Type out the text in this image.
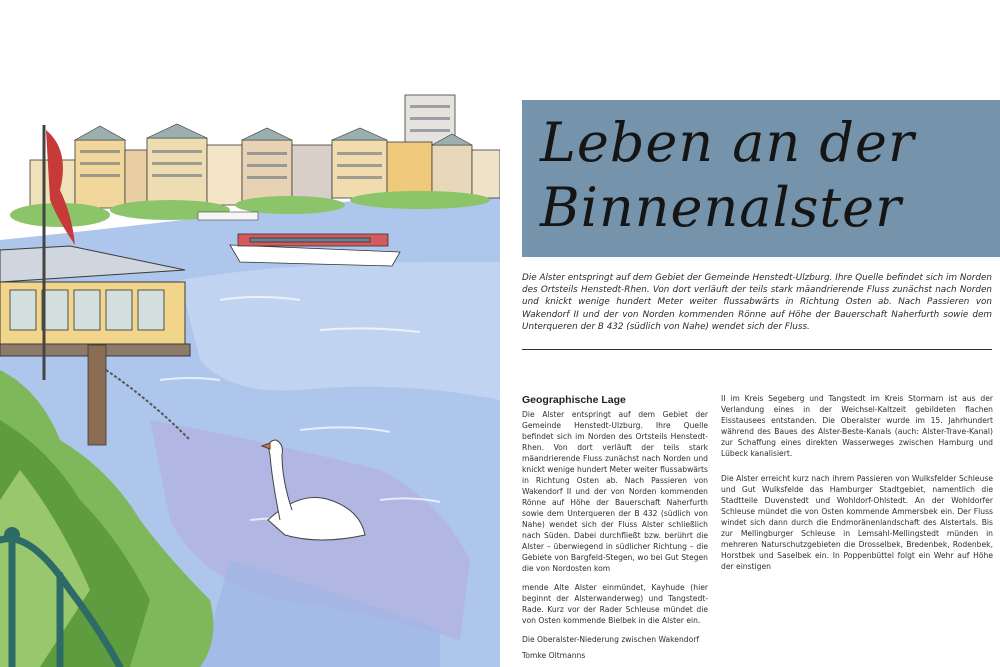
Leben an der
Binnenalster
Die Alster entspringt auf dem Gebiet der Gemeinde Henstedt-Ulzburg. Ihre Quelle befindet sich im Norden des Ortsteils Henstedt-Rhen. Von dort verläuft der teils stark mäandrierende Fluss zunächst nach Norden und knickt wenige hundert Meter weiter flussabwärts in Richtung Osten ab. Nach Passieren von Wakendorf II und der von Norden kommenden Rönne auf Höhe der Bauerschaft Naherfurth sowie dem Unterqueren der B 432 (südlich von Nahe) wendet sich der Fluss.
Geographische Lage

Die Alster entspringt auf dem Gebiet der Gemeinde Henstedt-Ulzburg. Ihre Quelle befindet sich im Norden des Ortsteils Henstedt-Rhen. Von dort verläuft der teils stark mäandrierende Fluss zunächst nach Norden und knickt wenige hundert Meter weiter flussabwärts in Richtung Osten ab. Nach Passieren von Wakendorf II und der von Norden kommenden Rönne auf Höhe der Bauerschaft Naherfurth sowie dem Unterqueren der B 432 (südlich von Nahe) wendet sich der Fluss Alster schließlich nach Süden. Dabei durchfließt bzw. berührt die Alster – überwiegend in südlicher Richtung – die Gebiete von Bargfeld-Stegen, wo bei Gut Stegen die von Nordosten kom

mende Alte Alster einmündet, Kayhude (hier beginnt der Alsterwanderweg) und Tangstedt-Rade. Kurz vor der Rader Schleuse mündet die von Osten kommende Bielbek in die Alster ein.

Die Oberalster-Niederung zwischen Wakendorf

II im Kreis Segeberg und Tangstedt im Kreis Stormarn ist aus der Verlandung eines in der Weichsel-Kaltzeit gebildeten flachen Eisstausees entstanden. Die Oberalster wurde im 15. Jahrhundert während des Baues des Alster-Beste-Kanals (auch: Alster-Trave-Kanal) zur Schaffung eines direkten Wasserweges zwischen Hamburg und Lübeck kanalisiert.

Die Alster erreicht kurz nach ihrem Passieren von Wulksfelder Schleuse und Gut Wulksfelde das Hamburger Stadtgebiet, namentlich die Stadtteile Duvenstedt und Wohldorf-Ohlstedt. An der Wohldorfer Schleuse mündet die von Osten kommende Ammersbek ein. Der Fluss windet sich dann durch die Endmoränenlandschaft des Alstertals. Bis zur Mellingburger Schleuse in Lemsahl-Mellingstedt münden in mehreren Naturschutzgebieten die Drosselbek, Bredenbek, Rodenbek, Horstbek und Saselbek ein. In Poppenbüttel folgt ein Wehr auf Höhe der einstigen

Tomke Oltmanns
